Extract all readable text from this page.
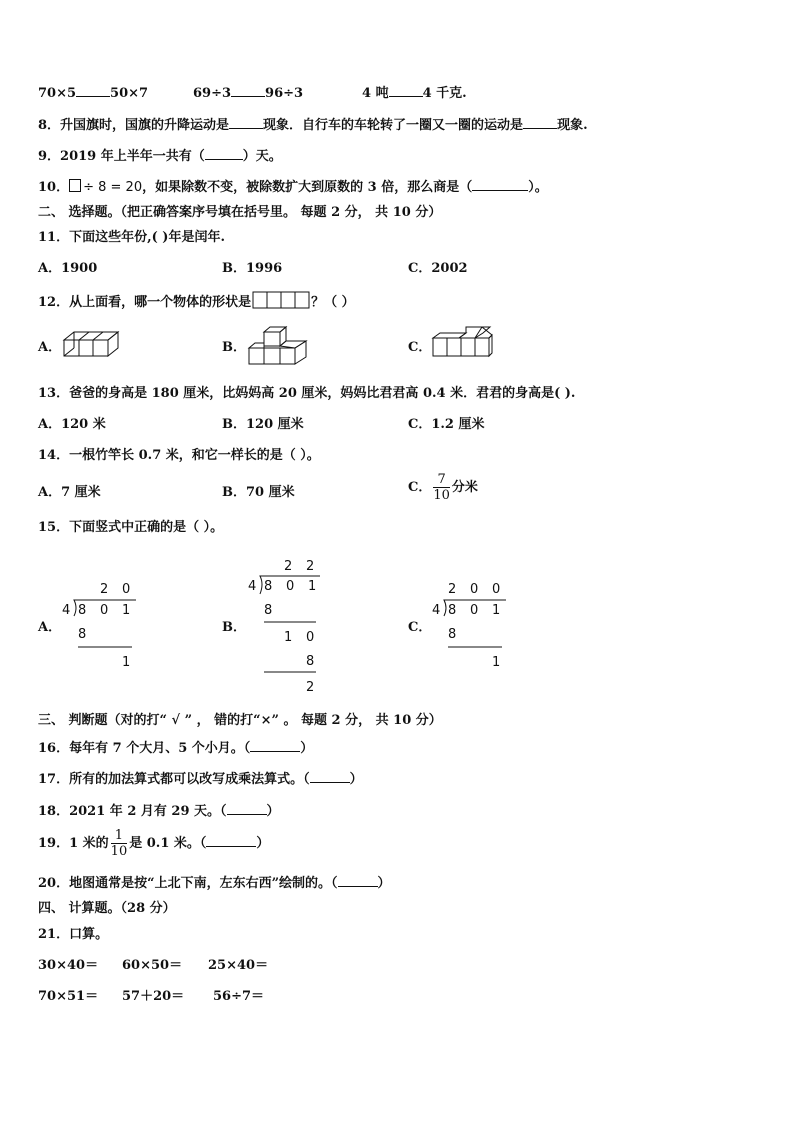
70×5	50×7	69÷3	96÷3	4 吨	4 千克.
8．升国旗时，国旗的升降运动是	现象．自行车的车轮转了一圈又一圈的运动是	现象.
9．2019 年上半年一共有（	）天。
10． ÷ 8 = 20，如果除数不变，被除数扩大到原数的 3 倍，那么商是（	）。
二、 选择题。（把正确答案序号填在括号里。 每题 2 分， 共 10 分）
11．下面这些年份,( )年是闰年.
A．1900	B．1996	C．2002
12．从上面看，哪一个物体的形状是	？（ ）
A．	B．	C．
13．爸爸的身高是 180 厘米，比妈妈高 20 厘米，妈妈比君君高 0.4 米．君君的身高是( ).
A．120 米	B．120 厘米	C．1.2 厘米
14．一根竹竿长 0.7 米，和它一样长的是（ ）。
A．7 厘米	B．70 厘米	C． $\frac{7}{10}$ 分米
15．下面竖式中正确的是（ ）。
A．
2 0
4 8 0 1
8
1
B．
2 2
4 8 0 1
8
1 0
8
2
C．
2 0 0
4 8 0 1
8
1
三、 判断题（对的打“ √ ” ， 错的打“×” 。 每题 2 分， 共 10 分）
16．每年有 7 个大月、5 个小月。（	）
17．所有的加法算式都可以改写成乘法算式。（	）
18．2021 年 2 月有 29 天。（	）
19．1 米的 $\frac{1}{10}$ 是 0.1 米。（	）
20．地图通常是按“上北下南，左东右西”绘制的。（	）
四、 计算题。（28 分）
21．口算。
30×40＝ 60×50＝ 25×40＝
70×51＝ 57＋20＝ 56÷7＝
